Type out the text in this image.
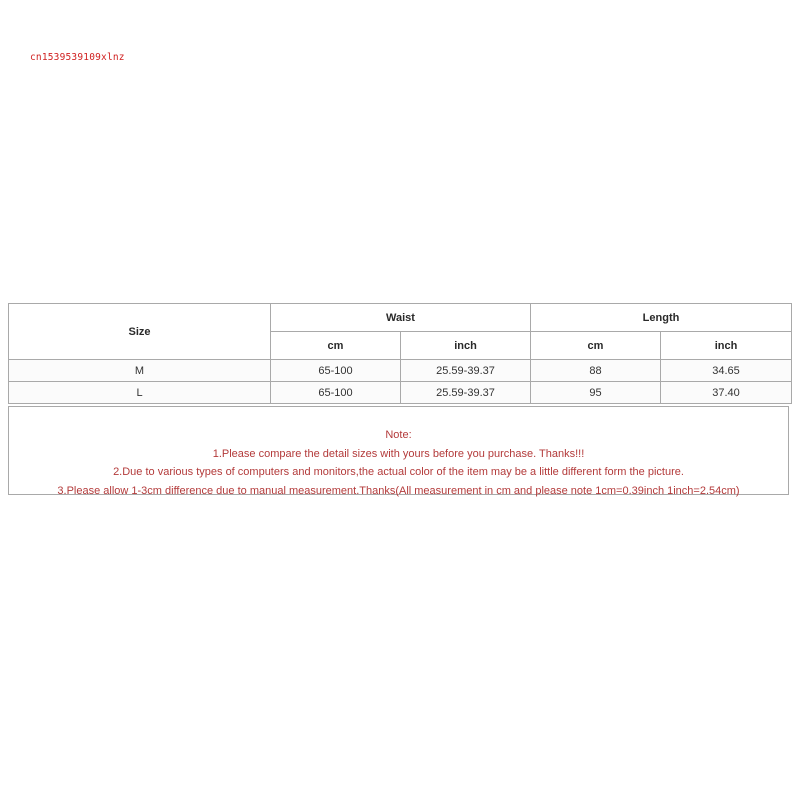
cn1539539109xlnz
Size	Waist		Length	
	cm	inch	cm	inch
M	65-100	25.59-39.37	88	34.65
L	65-100	25.59-39.37	95	37.40
Note:
1.Please compare the detail sizes with yours before you purchase. Thanks!!!
2.Due to various types of computers and monitors,the actual color of the item may be a little different form the picture.
3.Please allow 1-3cm difference due to manual measurement.Thanks(All measurement in cm and please note 1cm=0.39inch 1inch=2.54cm)
